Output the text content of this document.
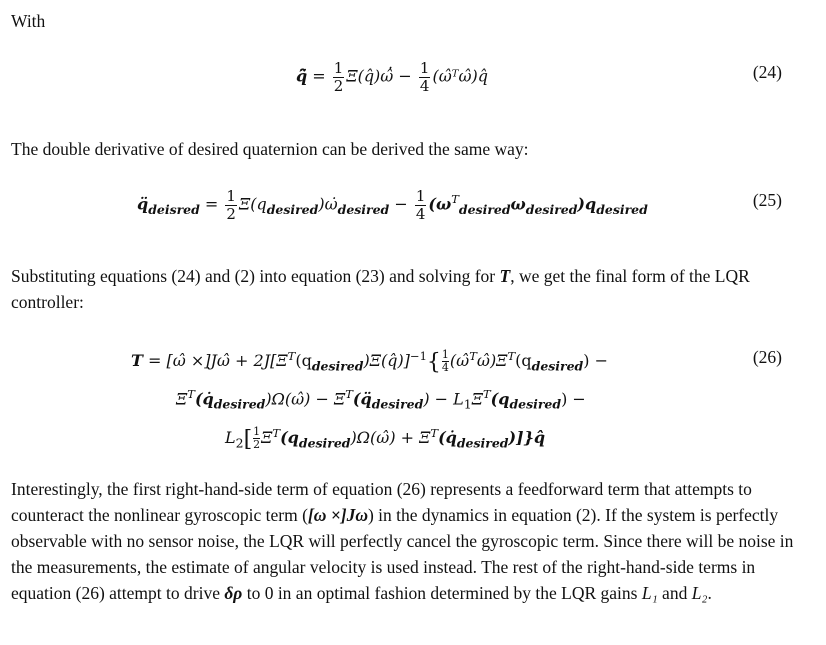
With

q̈̂ = $\frac{1}{2}$ Ξ(q̂)ω̂̇ − $\frac{1}{4}$ (ω̂ᵀω̂)q̂	(24)

The double derivative of desired quaternion can be derived the same way:

$q̈_{deisred} = \frac{1}{2}$ $\Xi(q_{desired})\omegȧ_{desired} - \frac{1}{4} (\omega^T_{desired}\omega_{desired})q_{desired}$	(25)

Substituting equations (24) and (2) into equation (23) and solving for T, we get the final form of the LQR controller:

T = [ω̂ ×]Jω̂ + $2J[\Xi^T(q_{desired})\Xi(q̂)]^{-1}\{ \frac{1}{4}$ $(\omegâ^T\omegâ)\Xi^T(q_{desired})$ −	(26)
$\Xi^T(q̇_{desired})\Omega(\omegâ)$ − $\Xi^T(q̈_{desired}) - L_1\Xi^T(q_{desired})$ −
$L_2[ \frac{1}{2}$ $\Xi^T(q_{desired})\Omega(\omegâ)$ + $\Xi^T(q̇_{desired})]\}q̂$

Interestingly, the first right-hand-side term of equation (26) represents a feedforward term that attempts to counteract the nonlinear gyroscopic term ([ω ×]Jω) in the dynamics in equation (2). If the system is perfectly observable with no sensor noise, the LQR will perfectly cancel the gyroscopic term. Since there will be noise in the measurements, the estimate of angular velocity is used instead. The rest of the right-hand-side terms in equation (26) attempt to drive δρ to 0 in an optimal fashion determined by the LQR gains L₁ and L₂.
